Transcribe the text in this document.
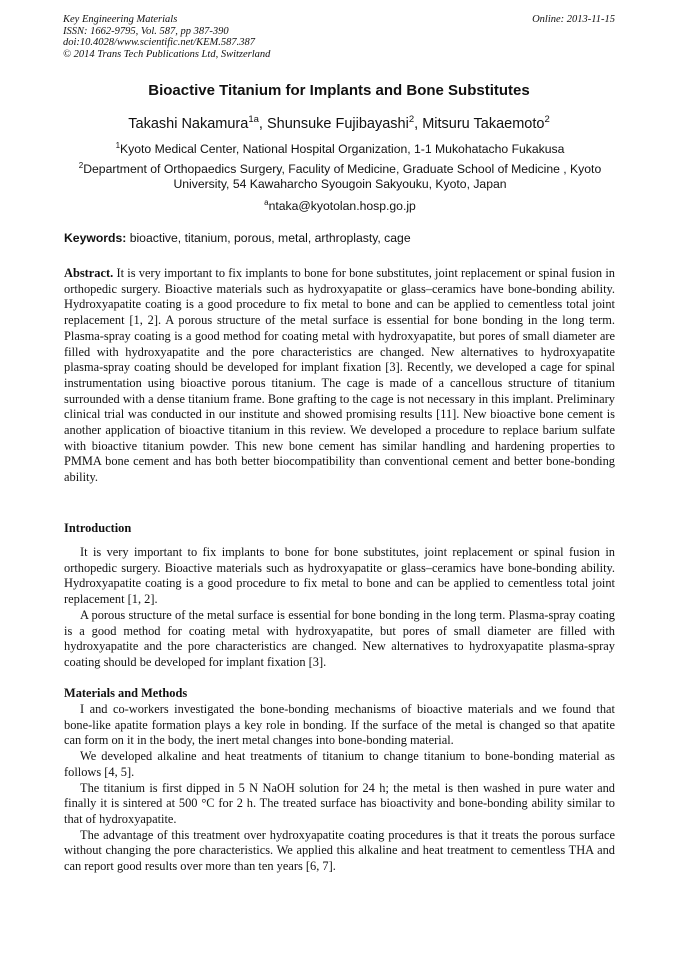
Key Engineering Materials
ISSN: 1662-9795, Vol. 587, pp 387-390
doi:10.4028/www.scientific.net/KEM.587.387
© 2014 Trans Tech Publications Ltd, Switzerland
Online: 2013-11-15
Bioactive Titanium for Implants and Bone Substitutes
Takashi Nakamura$^{1a}$, Shunsuke Fujibayashi$^2$, Mitsuru Takaemoto$^2$
$^1$Kyoto Medical Center, National Hospital Organization, 1-1 Mukohatacho Fukakusa
$^2$Department of Orthopaedics Surgery, Faculity of Medicine, Graduate School of Medicine , Kyoto University, 54 Kawaharcho Syougoin Sakyouku, Kyoto, Japan
$^a$ntaka@kyotolan.hosp.go.jp
Keywords: bioactive, titanium, porous, metal, arthroplasty, cage

Abstract. It is very important to fix implants to bone for bone substitutes, joint replacement or spinal fusion in orthopedic surgery. Bioactive materials such as hydroxyapatite or glass–ceramics have bone-bonding ability. Hydroxyapatite coating is a good procedure to fix metal to bone and can be applied to cementless total joint replacement [1, 2]. A porous structure of the metal surface is essential for bone bonding in the long term. Plasma-spray coating is a good method for coating metal with hydroxyapatite, but pores of small diameter are filled with hydroxyapatite and the pore characteristics are changed. New alternatives to hydroxyapatite plasma-spray coating should be developed for implant fixation [3]. Recently, we developed a cage for spinal instrumentation using bioactive porous titanium. The cage is made of a cancellous structure of titanium surrounded with a dense titanium frame. Bone grafting to the cage is not necessary in this implant. Preliminary clinical trial was conducted in our institute and showed promising results [11]. New bioactive bone cement is another application of bioactive titanium in this review. We developed a procedure to replace barium sulfate with bioactive titanium powder. This new bone cement has similar handling and hardening properties to PMMA bone cement and has both better biocompatibility than conventional cement and better bone-bonding ability.

Introduction

It is very important to fix implants to bone for bone substitutes, joint replacement or spinal fusion in orthopedic surgery. Bioactive materials such as hydroxyapatite or glass–ceramics have bone-bonding ability. Hydroxyapatite coating is a good procedure to fix metal to bone and can be applied to cementless total joint replacement [1, 2].

A porous structure of the metal surface is essential for bone bonding in the long term. Plasma-spray coating is a good method for coating metal with hydroxyapatite, but pores of small diameter are filled with hydroxyapatite and the pore characteristics are changed. New alternatives to hydroxyapatite plasma-spray coating should be developed for implant fixation [3].

Materials and Methods

I and co-workers investigated the bone-bonding mechanisms of bioactive materials and we found that bone-like apatite formation plays a key role in bonding. If the surface of the metal is changed so that apatite can form on it in the body, the inert metal changes into bone-bonding material.

We developed alkaline and heat treatments of titanium to change titanium to bone-bonding material as follows [4, 5].

The titanium is first dipped in 5 N NaOH solution for 24 h; the metal is then washed in pure water and finally it is sintered at 500 °C for 2 h. The treated surface has bioactivity and bone-bonding ability similar to that of hydroxyapatite.

The advantage of this treatment over hydroxyapatite coating procedures is that it treats the porous surface without changing the pore characteristics. We applied this alkaline and heat treatment to cementless THA and can report good results over more than ten years [6, 7].
